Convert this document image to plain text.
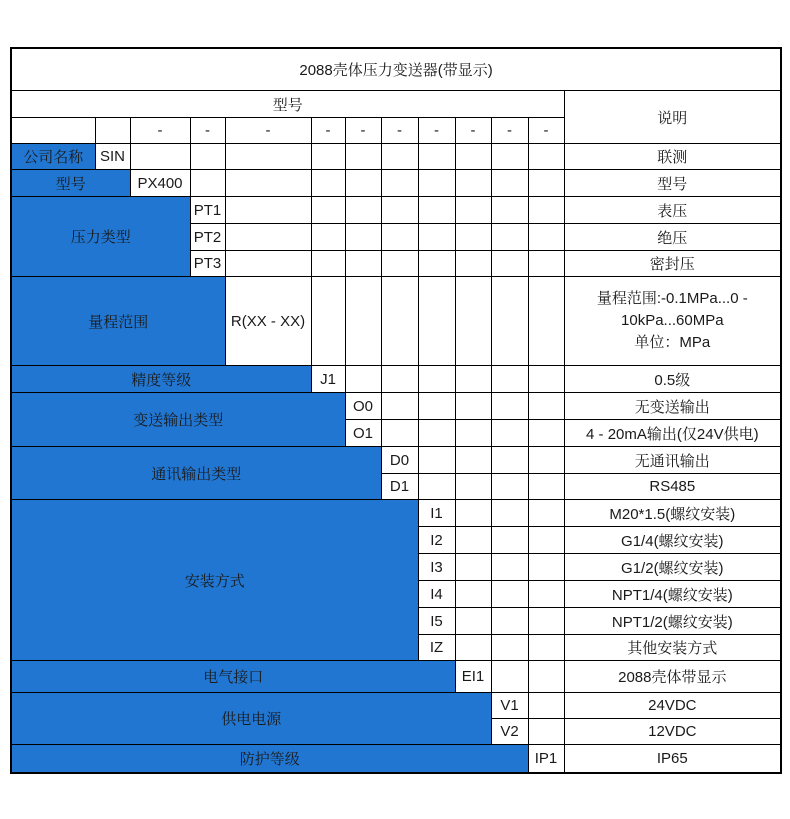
2088壳体压力变送器(带显示)												
型号												说明
		-	-	-	-	-	-	-	-	-	-	
公司名称	SIN											联测
型号		PX400										型号
压力类型			PT1									表压
			PT2									绝压
			PT3									密封压
量程范围				R(XX - XX)								量程范围:-0.1MPa...0 -
10kPa...60MPa
单位：MPa

精度等级					J1							0.5级
变送输出类型						O0						无变送输出
						O1						4 - 20mA输出(仅24V供电)
通讯输出类型							D0					无通讯输出
							D1					RS485
安装方式								I1				M20*1.5(螺纹安装)
								I2				G1/4(螺纹安装)
								I3				G1/2(螺纹安装)
								I4				NPT1/4(螺纹安装)
								I5				NPT1/2(螺纹安装)
								IZ				其他安装方式
电气接口									EI1			2088壳体带显示
供电电源										V1		24VDC
										V2		12VDC
防护等级											IP1	IP65
